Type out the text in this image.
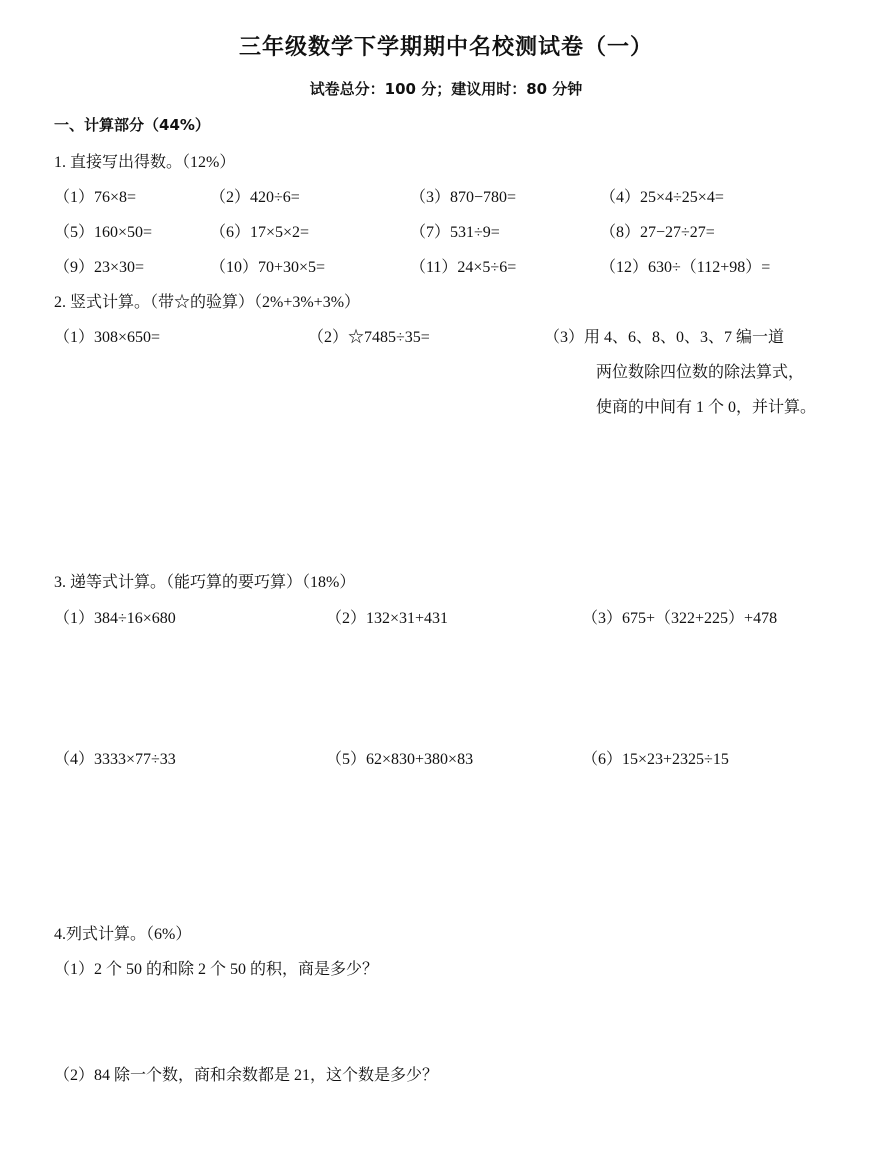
三年级数学下学期期中名校测试卷（一）
试卷总分：100 分；建议用时：80 分钟
一、计算部分（44%）
1. 直接写出得数。（12%）
（1）76×8=	（2）420÷6=	（3）870−780=	（4）25×4÷25×4=
（5）160×50=	（6）17×5×2=	（7）531÷9=	（8）27−27÷27=
（9）23×30=	（10）70+30×5=	（11）24×5÷6=	（12）630÷（112+98）=
2. 竖式计算。（带☆的验算）（2%+3%+3%）
（1）308×650=	（2）☆7485÷35=	（3）用 4、6、8、0、3、7 编一道
两位数除四位数的除法算式，
使商的中间有 1 个 0，并计算。
3. 递等式计算。（能巧算的要巧算）（18%）
（1）384÷16×680	（2）132×31+431	（3）675+（322+225）+478
（4）3333×77÷33	（5）62×830+380×83	（6）15×23+2325÷15
4.列式计算。（6%）
（1）2 个 50 的和除 2 个 50 的积，商是多少？
（2）84 除一个数，商和余数都是 21，这个数是多少？
